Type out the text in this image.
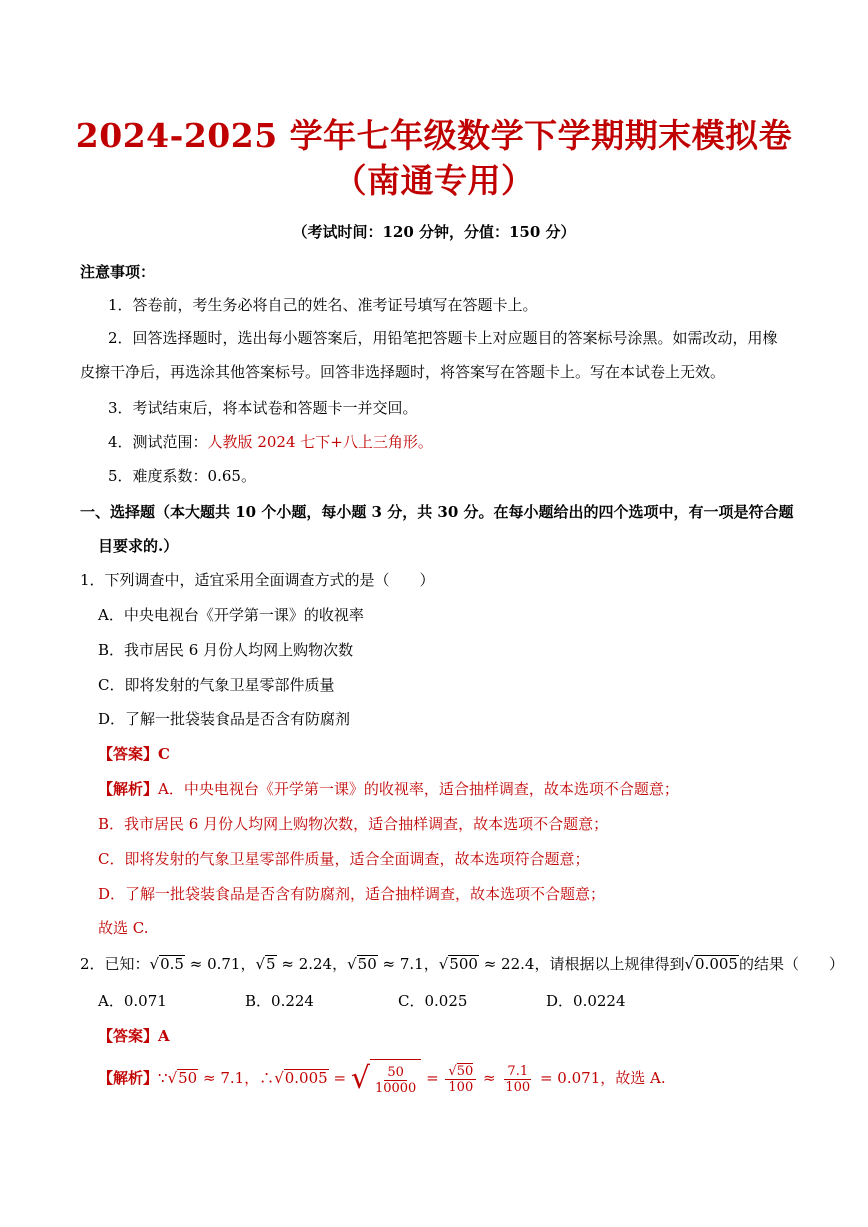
2024-2025 学年七年级数学下学期期末模拟卷
（南通专用）
（考试时间：120 分钟，分值：150 分）
注意事项：
1．答卷前，考生务必将自己的姓名、准考证号填写在答题卡上。
2．回答选择题时，选出每小题答案后，用铅笔把答题卡上对应题目的答案标号涂黑。如需改动，用橡
皮擦干净后，再选涂其他答案标号。回答非选择题时，将答案写在答题卡上。写在本试卷上无效。
3．考试结束后，将本试卷和答题卡一并交回。
4．测试范围：人教版 2024 七下+八上三角形。
5．难度系数：0.65。
一、选择题（本大题共 10 个小题，每小题 3 分，共 30 分。在每小题给出的四个选项中，有一项是符合题
目要求的.）
1．下列调查中，适宜采用全面调查方式的是（　　）
A．中央电视台《开学第一课》的收视率
B．我市居民 6 月份人均网上购物次数
C．即将发射的气象卫星零部件质量
D．了解一批袋装食品是否含有防腐剂
【答案】C
【解析】A．中央电视台《开学第一课》的收视率，适合抽样调查，故本选项不合题意；
B．我市居民 6 月份人均网上购物次数，适合抽样调查，故本选项不合题意；
C．即将发射的气象卫星零部件质量，适合全面调查，故本选项符合题意；
D．了解一批袋装食品是否含有防腐剂，适合抽样调查，故本选项不合题意；
故选 C.
2．已知：√0.5 ≈ 0.71，√5 ≈ 2.24，√50 ≈ 7.1，√500 ≈ 22.4，请根据以上规律得到√0.005的结果（　　）
A．0.071	B．0.224	C．0.025	D．0.0224
【答案】A
【解析】∵√50 ≈ 7.1，∴√0.005 = √ $\frac{50}{10000} = \frac{√50}{100} \approx \frac{7.1}{100} = 0.071$，故选 A.
